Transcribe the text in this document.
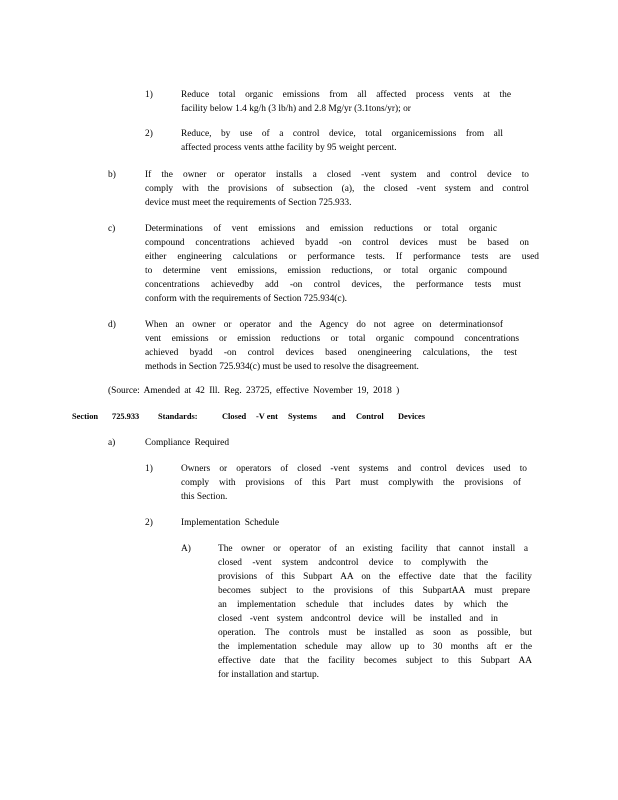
1)	Reduce total organic emissions from all affected process vents at the
facility below 1.4 kg/h (3 lb/h) and 2.8 Mg/yr (3.1tons/yr); or
2)	Reduce, by use of a control device, total organicemissions from all
affected process vents atthe facility by 95 weight percent.
b)	If the owner or operator installs a closed -vent system and control device to
comply with the provisions of subsection (a), the closed -vent system and control
device must meet the requirements of Section 725.933.
c)	Determinations of vent emissions and emission reductions or total organic
compound concentrations achieved byadd -on control devices must be based on
either engineering calculations or performance tests. If performance tests are used
to determine vent emissions, emission reductions, or total organic compound
concentrations achievedby add -on control devices, the performance tests must
conform with the requirements of Section 725.934(c).
d)	When an owner or operator and the Agency do not agree on determinationsof
vent emissions or emission reductions or total organic compound concentrations
achieved byadd -on control devices based onengineering calculations, the test
methods in Section 725.934(c) must be used to resolve the disagreement.
(Source: Amended at 42 Ill. Reg. 23725, effective November 19, 2018 )
Section 725.933 Standards:	Closed -V ent Systems and Control Devices
a)	Compliance Required
1)	Owners or operators of closed -vent systems and control devices used to
comply with provisions of this Part must complywith the provisions of
this Section.
2)	Implementation Schedule
A)	The owner or operator of an existing facility that cannot install a
closed -vent system andcontrol device to complywith the
provisions of this Subpart AA on the effective date that the facility
becomes subject to the provisions of this SubpartAA must prepare
an implementation schedule that includes dates by which the
closed -vent system andcontrol device will be installed and in
operation. The controls must be installed as soon as possible, but
the implementation schedule may allow up to 30 months aft er the
effective date that the facility becomes subject to this Subpart AA
for installation and startup.
